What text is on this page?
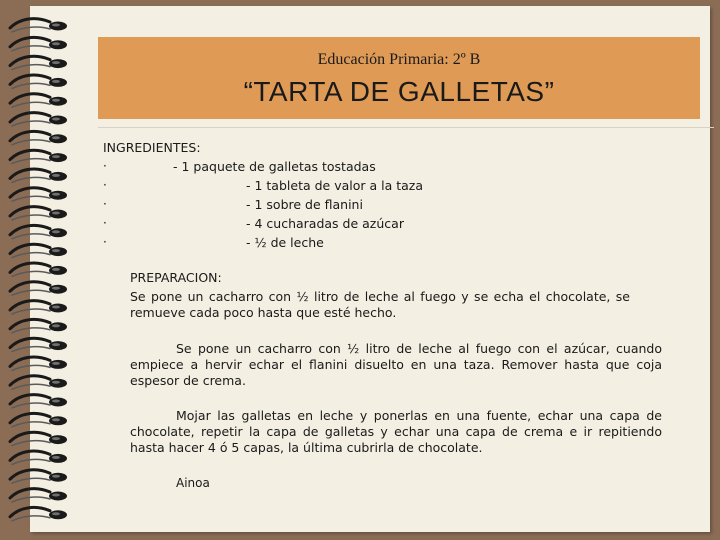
Educación Primaria: 2º B
“TARTA DE GALLETAS”
INGREDIENTES:
·
·
·
·
·
- 1 paquete de galletas tostadas
- 1 tableta de valor a la taza
- 1 sobre de flanini
- 4 cucharadas de azúcar
- ½ de leche
PREPARACION:
Se pone un cacharro con ½ litro de leche al fuego y se echa el chocolate, se remueve cada poco hasta que esté hecho.
Se pone un cacharro con ½ litro de leche al fuego con el azúcar, cuando empiece a hervir echar el flanini disuelto en una taza. Remover hasta que coja espesor de crema.
Mojar las galletas en leche y ponerlas en una fuente, echar una capa de chocolate, repetir la capa de galletas y echar una capa de crema e ir repitiendo hasta hacer 4 ó 5 capas, la última cubrirla de chocolate.
Ainoa
